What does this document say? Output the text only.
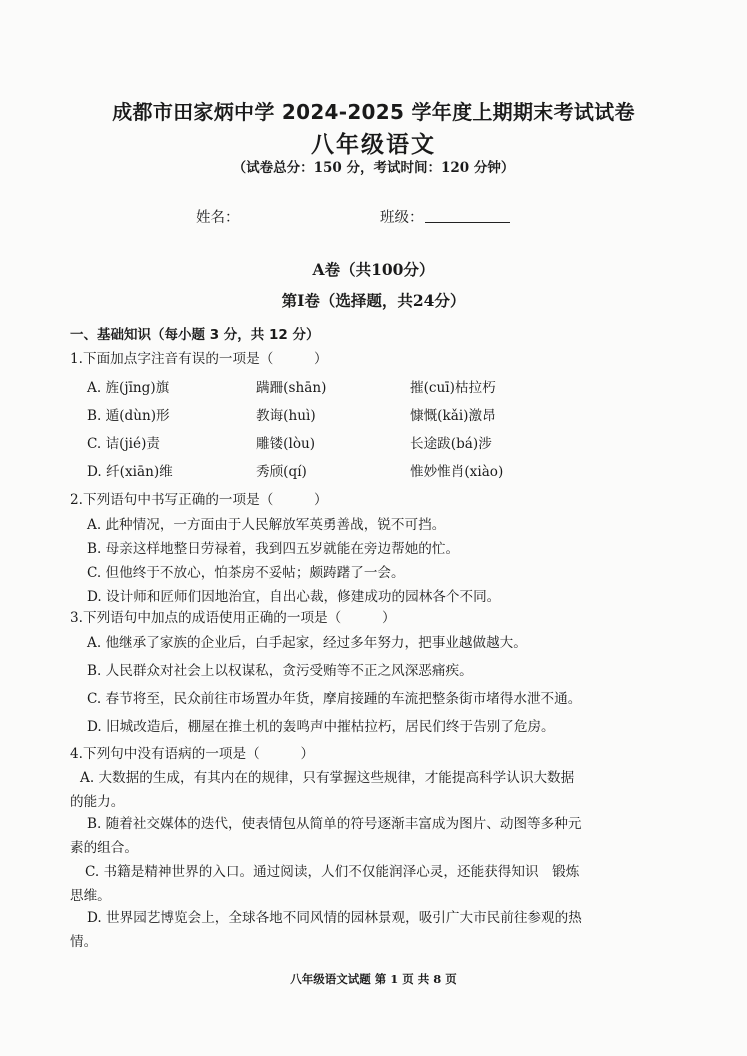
成都市田家炳中学 2024-2025 学年度上期期末考试试卷
八年级语文
（试卷总分：150 分，考试时间：120 分钟）
姓名：	班级：
A卷（共100分）
第Ⅰ卷（选择题，共24分）
一、基础知识（每小题 3 分，共 12 分）
1.下面加点字注音有误的一项是（　　　）
A. 旌(jīng)旗	蹒跚(shān)	摧(cuī)枯拉朽
B. 遁(dùn)形	教诲(huì)	慷慨(kǎi)激昂
C. 诘(jié)责	雕镂(lòu)	长途跋(bá)涉
D. 纤(xiān)维	秀颀(qí)	惟妙惟肖(xiào)
2.下列语句中书写正确的一项是（　　　）
A. 此种情况，一方面由于人民解放军英勇善战，锐不可挡。
B. 母亲这样地整日劳禄着，我到四五岁就能在旁边帮她的忙。
C. 但他终于不放心，怕茶房不妥帖；颇踌躇了一会。
D. 设计师和匠师们因地治宜，自出心裁，修建成功的园林各个不同。
3.下列语句中加点的成语使用正确的一项是（　　　）
A. 他继承了家族的企业后，白手起家，经过多年努力，把事业越做越大。
B. 人民群众对社会上以权谋私，贪污受贿等不正之风深恶痛疾。
C. 春节将至，民众前往市场置办年货，摩肩接踵的车流把整条街市堵得水泄不通。
D. 旧城改造后，棚屋在推土机的轰鸣声中摧枯拉朽，居民们终于告别了危房。
4.下列句中没有语病的一项是（　　　）
A. 大数据的生成，有其内在的规律，只有掌握这些规律，才能提高科学认识大数据
的能力。
B. 随着社交媒体的迭代，使表情包从简单的符号逐渐丰富成为图片、动图等多种元
素的组合。
C. 书籍是精神世界的入口。通过阅读，人们不仅能润泽心灵，还能获得知识　锻炼
思维。
D. 世界园艺博览会上，全球各地不同风情的园林景观，吸引广大市民前往参观的热
情。
八年级语文试题 第 1 页 共 8 页
